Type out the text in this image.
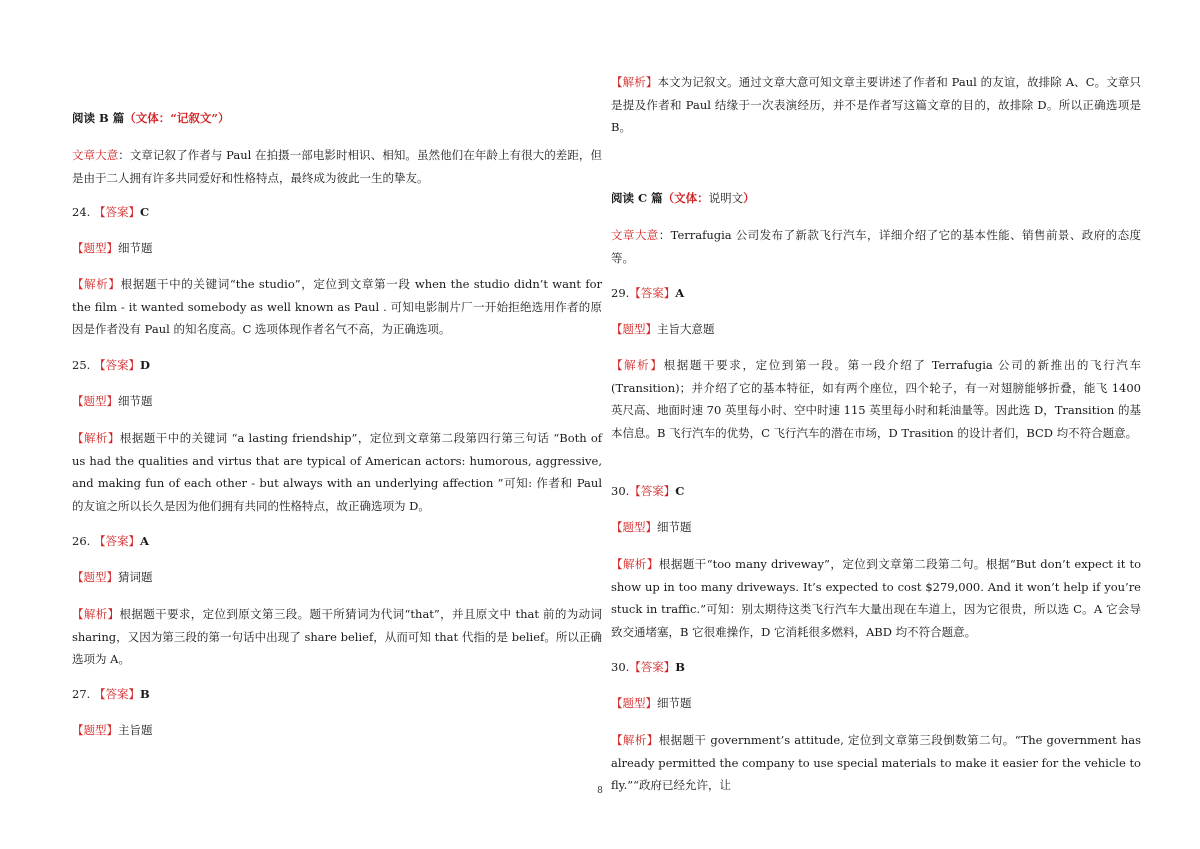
阅读 B 篇（文体：“记叙文”）
文章大意：文章记叙了作者与 Paul 在拍摄一部电影时相识、相知。虽然他们在年龄上有很大的差距，但是由于二人拥有许多共同爱好和性格特点，最终成为彼此一生的挚友。
24. 【答案】C
【题型】细节题
【解析】根据题干中的关键词“the studio”，定位到文章第一段 when the studio didn’t want for the film - it wanted somebody as well known as Paul . 可知电影制片厂一开始拒绝选用作者的原因是作者没有 Paul 的知名度高。C 选项体现作者名气不高，为正确选项。
25. 【答案】D
【题型】细节题
【解析】根据题干中的关键词 “a lasting friendship”，定位到文章第二段第四行第三句话 “Both of us had the qualities and virtus that are typical of American actors: humorous, aggressive, and making fun of each other - but always with an underlying affection ”可知: 作者和 Paul 的友谊之所以长久是因为他们拥有共同的性格特点，故正确选项为 D。
26. 【答案】A
【题型】猜词题
【解析】根据题干要求，定位到原文第三段。题干所猜词为代词“that”，并且原文中 that 前的为动词 sharing，又因为第三段的第一句话中出现了 share belief，从而可知 that 代指的是 belief。所以正确选项为 A。
27. 【答案】B
【题型】主旨题
【解析】本文为记叙文。通过文章大意可知文章主要讲述了作者和 Paul 的友谊，故排除 A、C。文章只是提及作者和 Paul 结缘于一次表演经历，并不是作者写这篇文章的目的，故排除 D。所以正确选项是 B。
阅读 C 篇（文体：说明文）
文章大意：Terrafugia 公司发布了新款飞行汽车，详细介绍了它的基本性能、销售前景、政府的态度等。
29.【答案】A
【题型】主旨大意题
【解析】根据题干要求，定位到第一段。第一段介绍了 Terrafugia 公司的新推出的飞行汽车 (Transition)；并介绍了它的基本特征，如有两个座位，四个轮子，有一对翅膀能够折叠，能飞 1400 英尺高、地面时速 70 英里每小时、空中时速 115 英里每小时和耗油量等。因此选 D，Transition 的基本信息。B 飞行汽车的优势，C 飞行汽车的潜在市场，D Trasition 的设计者们，BCD 均不符合题意。
30.【答案】C
【题型】细节题
【解析】根据题干“too many driveway”，定位到文章第二段第二句。根据“But don’t expect it to show up in too many driveways. It’s expected to cost $279,000. And it won’t help if you’re stuck in traffic.”可知：别太期待这类飞行汽车大量出现在车道上，因为它很贵，所以选 C。A 它会导致交通堵塞，B 它很难操作，D 它消耗很多燃料，ABD 均不符合题意。
30.【答案】B
【题型】细节题
【解析】根据题干 government’s attitude, 定位到文章第三段倒数第二句。“The government has already permitted the company to use special materials to make it easier for the vehicle to fly.”“政府已经允许，让
8
